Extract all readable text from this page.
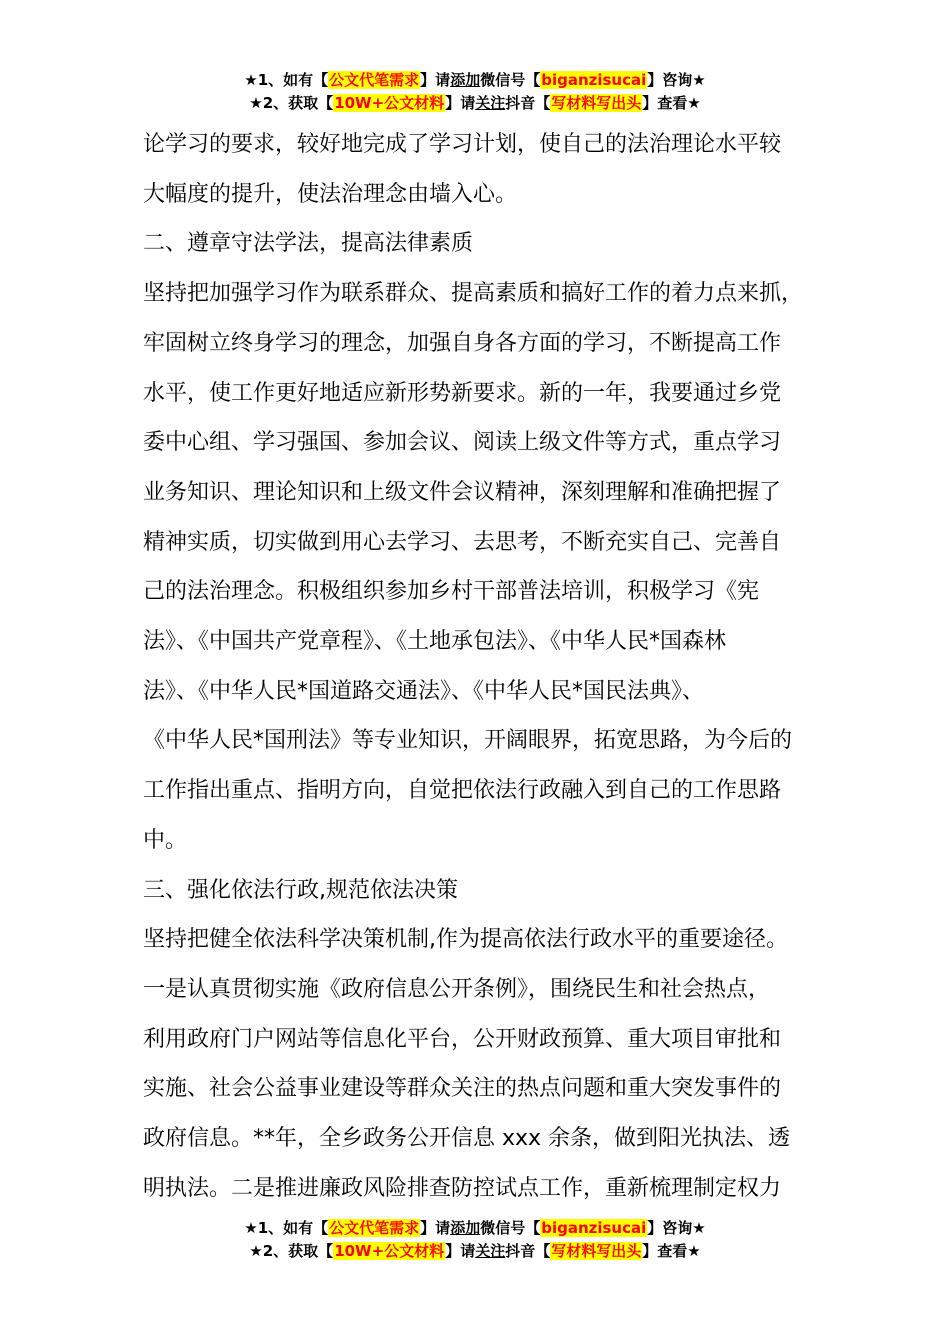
★1、如有【公文代笔需求】请添加微信号【biganzisucai】咨询★
★2、获取【10W+公文材料】请关注抖音【写材料写出头】查看★
论学习的要求，较好地完成了学习计划，使自己的法治理论水平较
大幅度的提升，使法治理念由墙入心。
二、遵章守法学法，提高法律素质
坚持把加强学习作为联系群众、提高素质和搞好工作的着力点来抓，
牢固树立终身学习的理念，加强自身各方面的学习，不断提高工作
水平，使工作更好地适应新形势新要求。新的一年，我要通过乡党
委中心组、学习强国、参加会议、阅读上级文件等方式，重点学习
业务知识、理论知识和上级文件会议精神，深刻理解和准确把握了
精神实质，切实做到用心去学习、去思考，不断充实自己、完善自
己的法治理念。积极组织参加乡村干部普法培训，积极学习《宪
法》、《中国共产党章程》、《土地承包法》、《中华人民*国森林
法》、《中华人民*国道路交通法》、《中华人民*国民法典》、
《中华人民*国刑法》等专业知识，开阔眼界，拓宽思路，为今后的
工作指出重点、指明方向，自觉把依法行政融入到自己的工作思路
中。
三、强化依法行政,规范依法决策
坚持把健全依法科学决策机制,作为提高依法行政水平的重要途径。
一是认真贯彻实施《政府信息公开条例》，围绕民生和社会热点，
利用政府门户网站等信息化平台，公开财政预算、重大项目审批和
实施、社会公益事业建设等群众关注的热点问题和重大突发事件的
政府信息。**年，全乡政务公开信息 xxx 余条，做到阳光执法、透
明执法。二是推进廉政风险排查防控试点工作，重新梳理制定权力
★1、如有【公文代笔需求】请添加微信号【biganzisucai】咨询★
★2、获取【10W+公文材料】请关注抖音【写材料写出头】查看★
